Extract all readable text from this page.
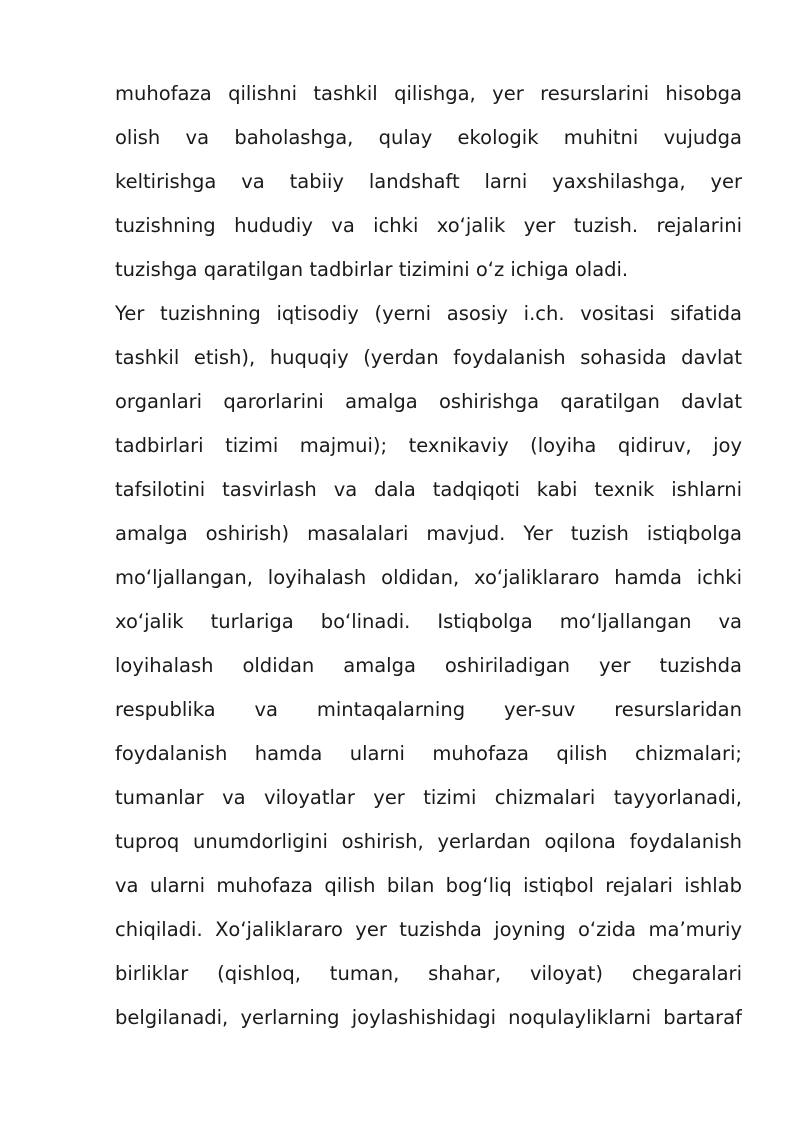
muhofaza qilishni tashkil qilishga, yer resurslarini hisobga
olish va baholashga, qulay ekologik muhitni vujudga
keltirishga va tabiiy landshaft larni yaxshilashga, yer
tuzishning hududiy va ichki xo‘jalik yer tuzish. rejalarini
tuzishga qaratilgan tadbirlar tizimini o‘z ichiga oladi.
Yer tuzishning iqtisodiy (yerni asosiy i.ch. vositasi sifatida
tashkil etish), huquqiy (yerdan foydalanish sohasida davlat
organlari qarorlarini amalga oshirishga qaratilgan davlat
tadbirlari tizimi majmui); texnikaviy (loyiha qidiruv, joy
tafsilotini tasvirlash va dala tadqiqoti kabi texnik ishlarni
amalga oshirish) masalalari mavjud. Yer tuzish istiqbolga
mo‘ljallangan, loyihalash oldidan, xo‘jaliklararo hamda ichki
xo‘jalik turlariga bo‘linadi. Istiqbolga mo‘ljallangan va
loyihalash oldidan amalga oshiriladigan yer tuzishda
respublika va mintaqalarning yer-suv resurslaridan
foydalanish hamda ularni muhofaza qilish chizmalari;
tumanlar va viloyatlar yer tizimi chizmalari tayyorlanadi,
tuproq unumdorligini oshirish, yerlardan oqilona foydalanish
va ularni muhofaza qilish bilan bog‘liq istiqbol rejalari ishlab
chiqiladi. Xo‘jaliklararo yer tuzishda joyning o‘zida ma’muriy
birliklar (qishloq, tuman, shahar, viloyat) chegaralari
belgilanadi, yerlarning joylashishidagi noqulayliklarni bartaraf
